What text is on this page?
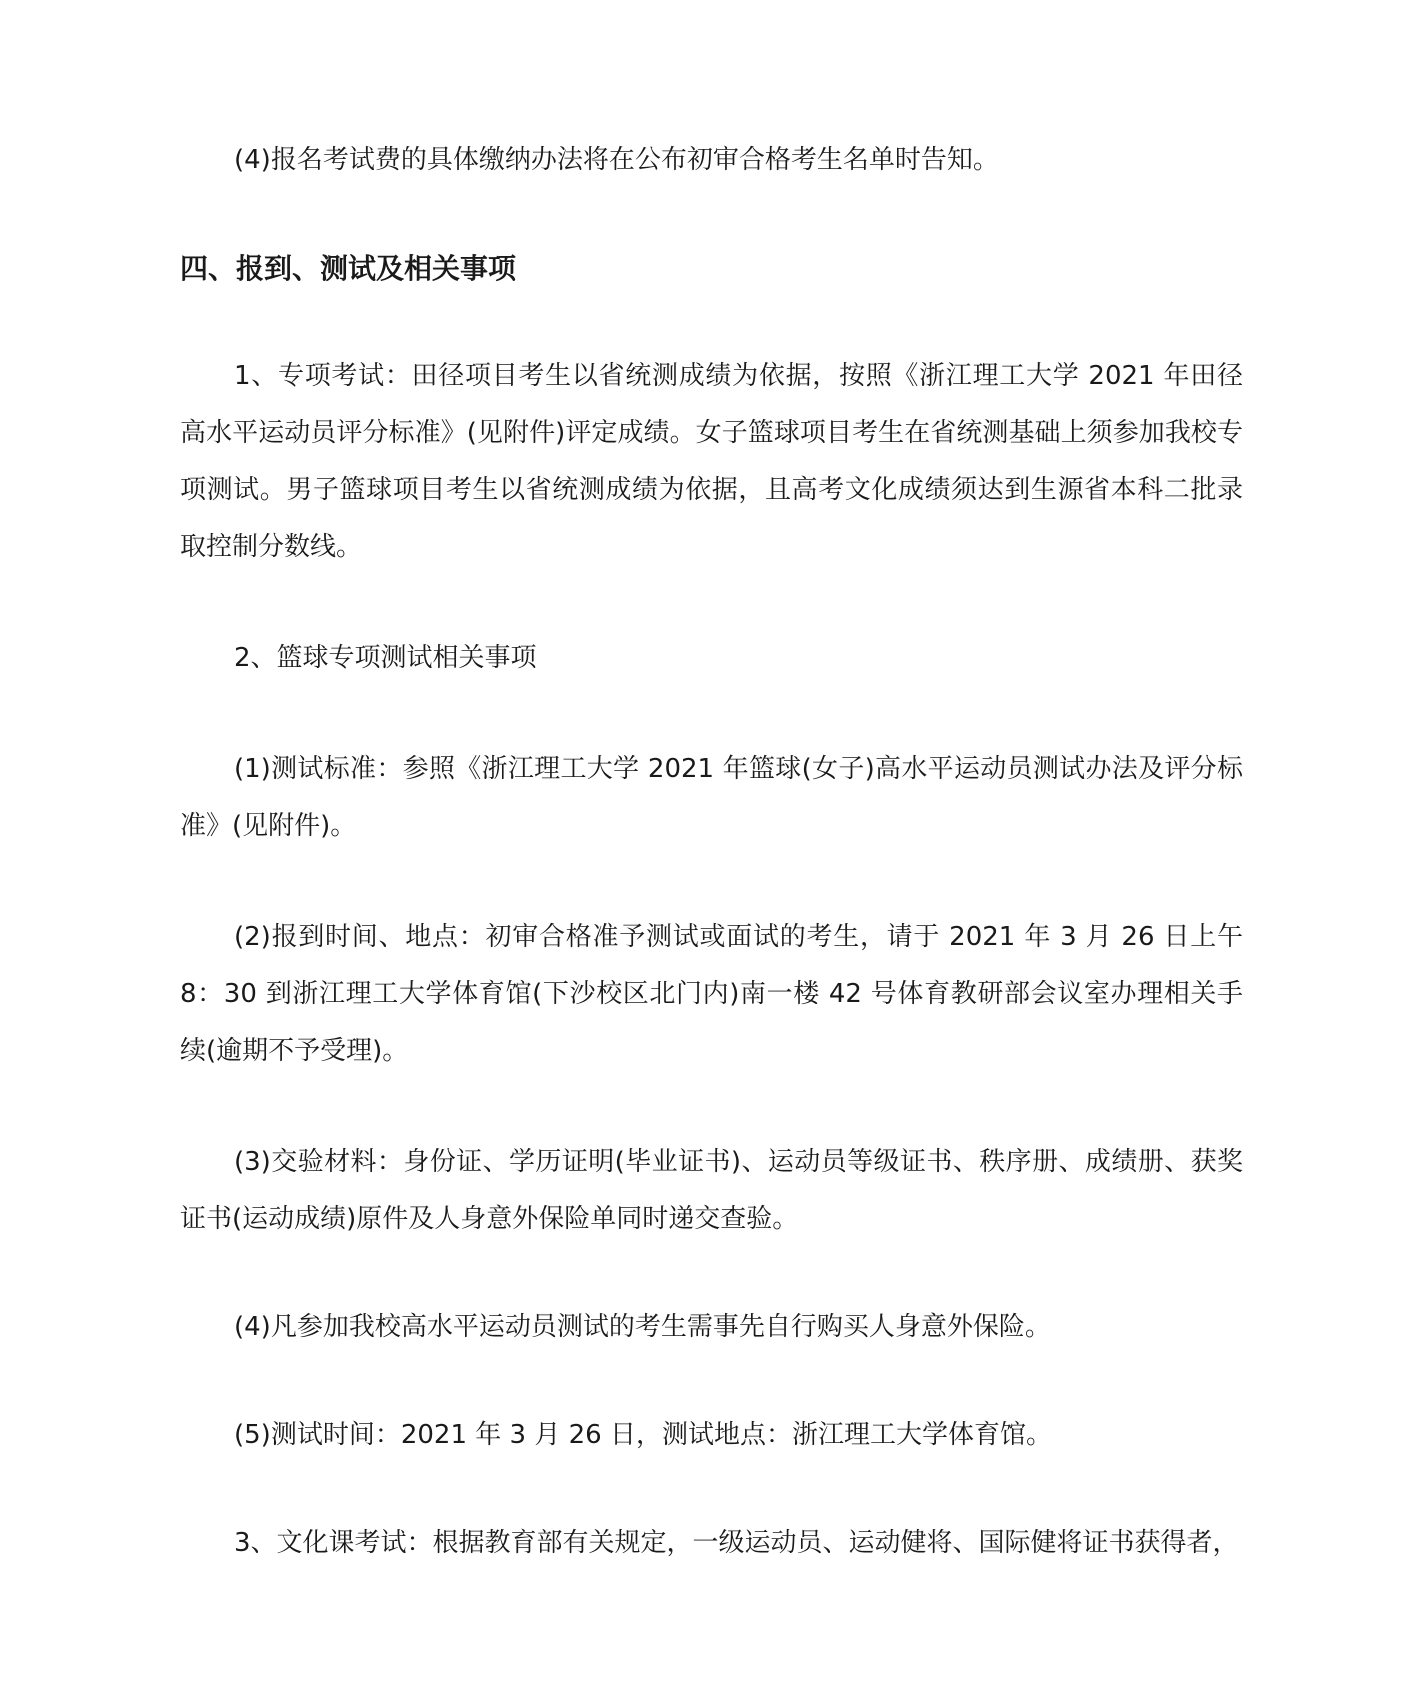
(4)报名考试费的具体缴纳办法将在公布初审合格考生名单时告知。

四、报到、测试及相关事项

1、专项考试：田径项目考生以省统测成绩为依据，按照《浙江理工大学 2021 年田径高水平运动员评分标准》(见附件)评定成绩。女子篮球项目考生在省统测基础上须参加我校专项测试。男子篮球项目考生以省统测成绩为依据，且高考文化成绩须达到生源省本科二批录取控制分数线。

2、篮球专项测试相关事项

(1)测试标准：参照《浙江理工大学 2021 年篮球(女子)高水平运动员测试办法及评分标准》(见附件)。

(2)报到时间、地点：初审合格准予测试或面试的考生，请于 2021 年 3 月 26 日上午 8：30 到浙江理工大学体育馆(下沙校区北门内)南一楼 42 号体育教研部会议室办理相关手续(逾期不予受理)。

(3)交验材料：身份证、学历证明(毕业证书)、运动员等级证书、秩序册、成绩册、获奖证书(运动成绩)原件及人身意外保险单同时递交查验。

(4)凡参加我校高水平运动员测试的考生需事先自行购买人身意外保险。

(5)测试时间：2021 年 3 月 26 日，测试地点：浙江理工大学体育馆。

3、文化课考试：根据教育部有关规定，一级运动员、运动健将、国际健将证书获得者，
